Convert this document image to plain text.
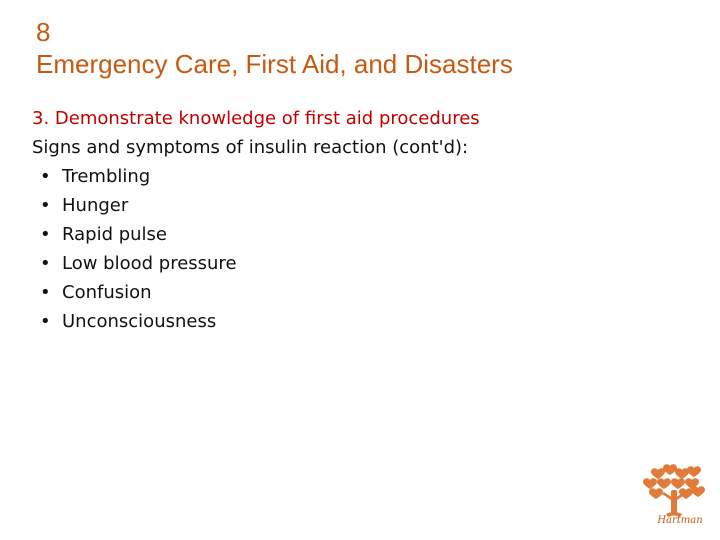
8
Emergency Care, First Aid, and Disasters
3. Demonstrate knowledge of first aid procedures
Signs and symptoms of insulin reaction (cont'd):
• Trembling
• Hunger
• Rapid pulse
• Low blood pressure
• Confusion
• Unconsciousness
Hartman
